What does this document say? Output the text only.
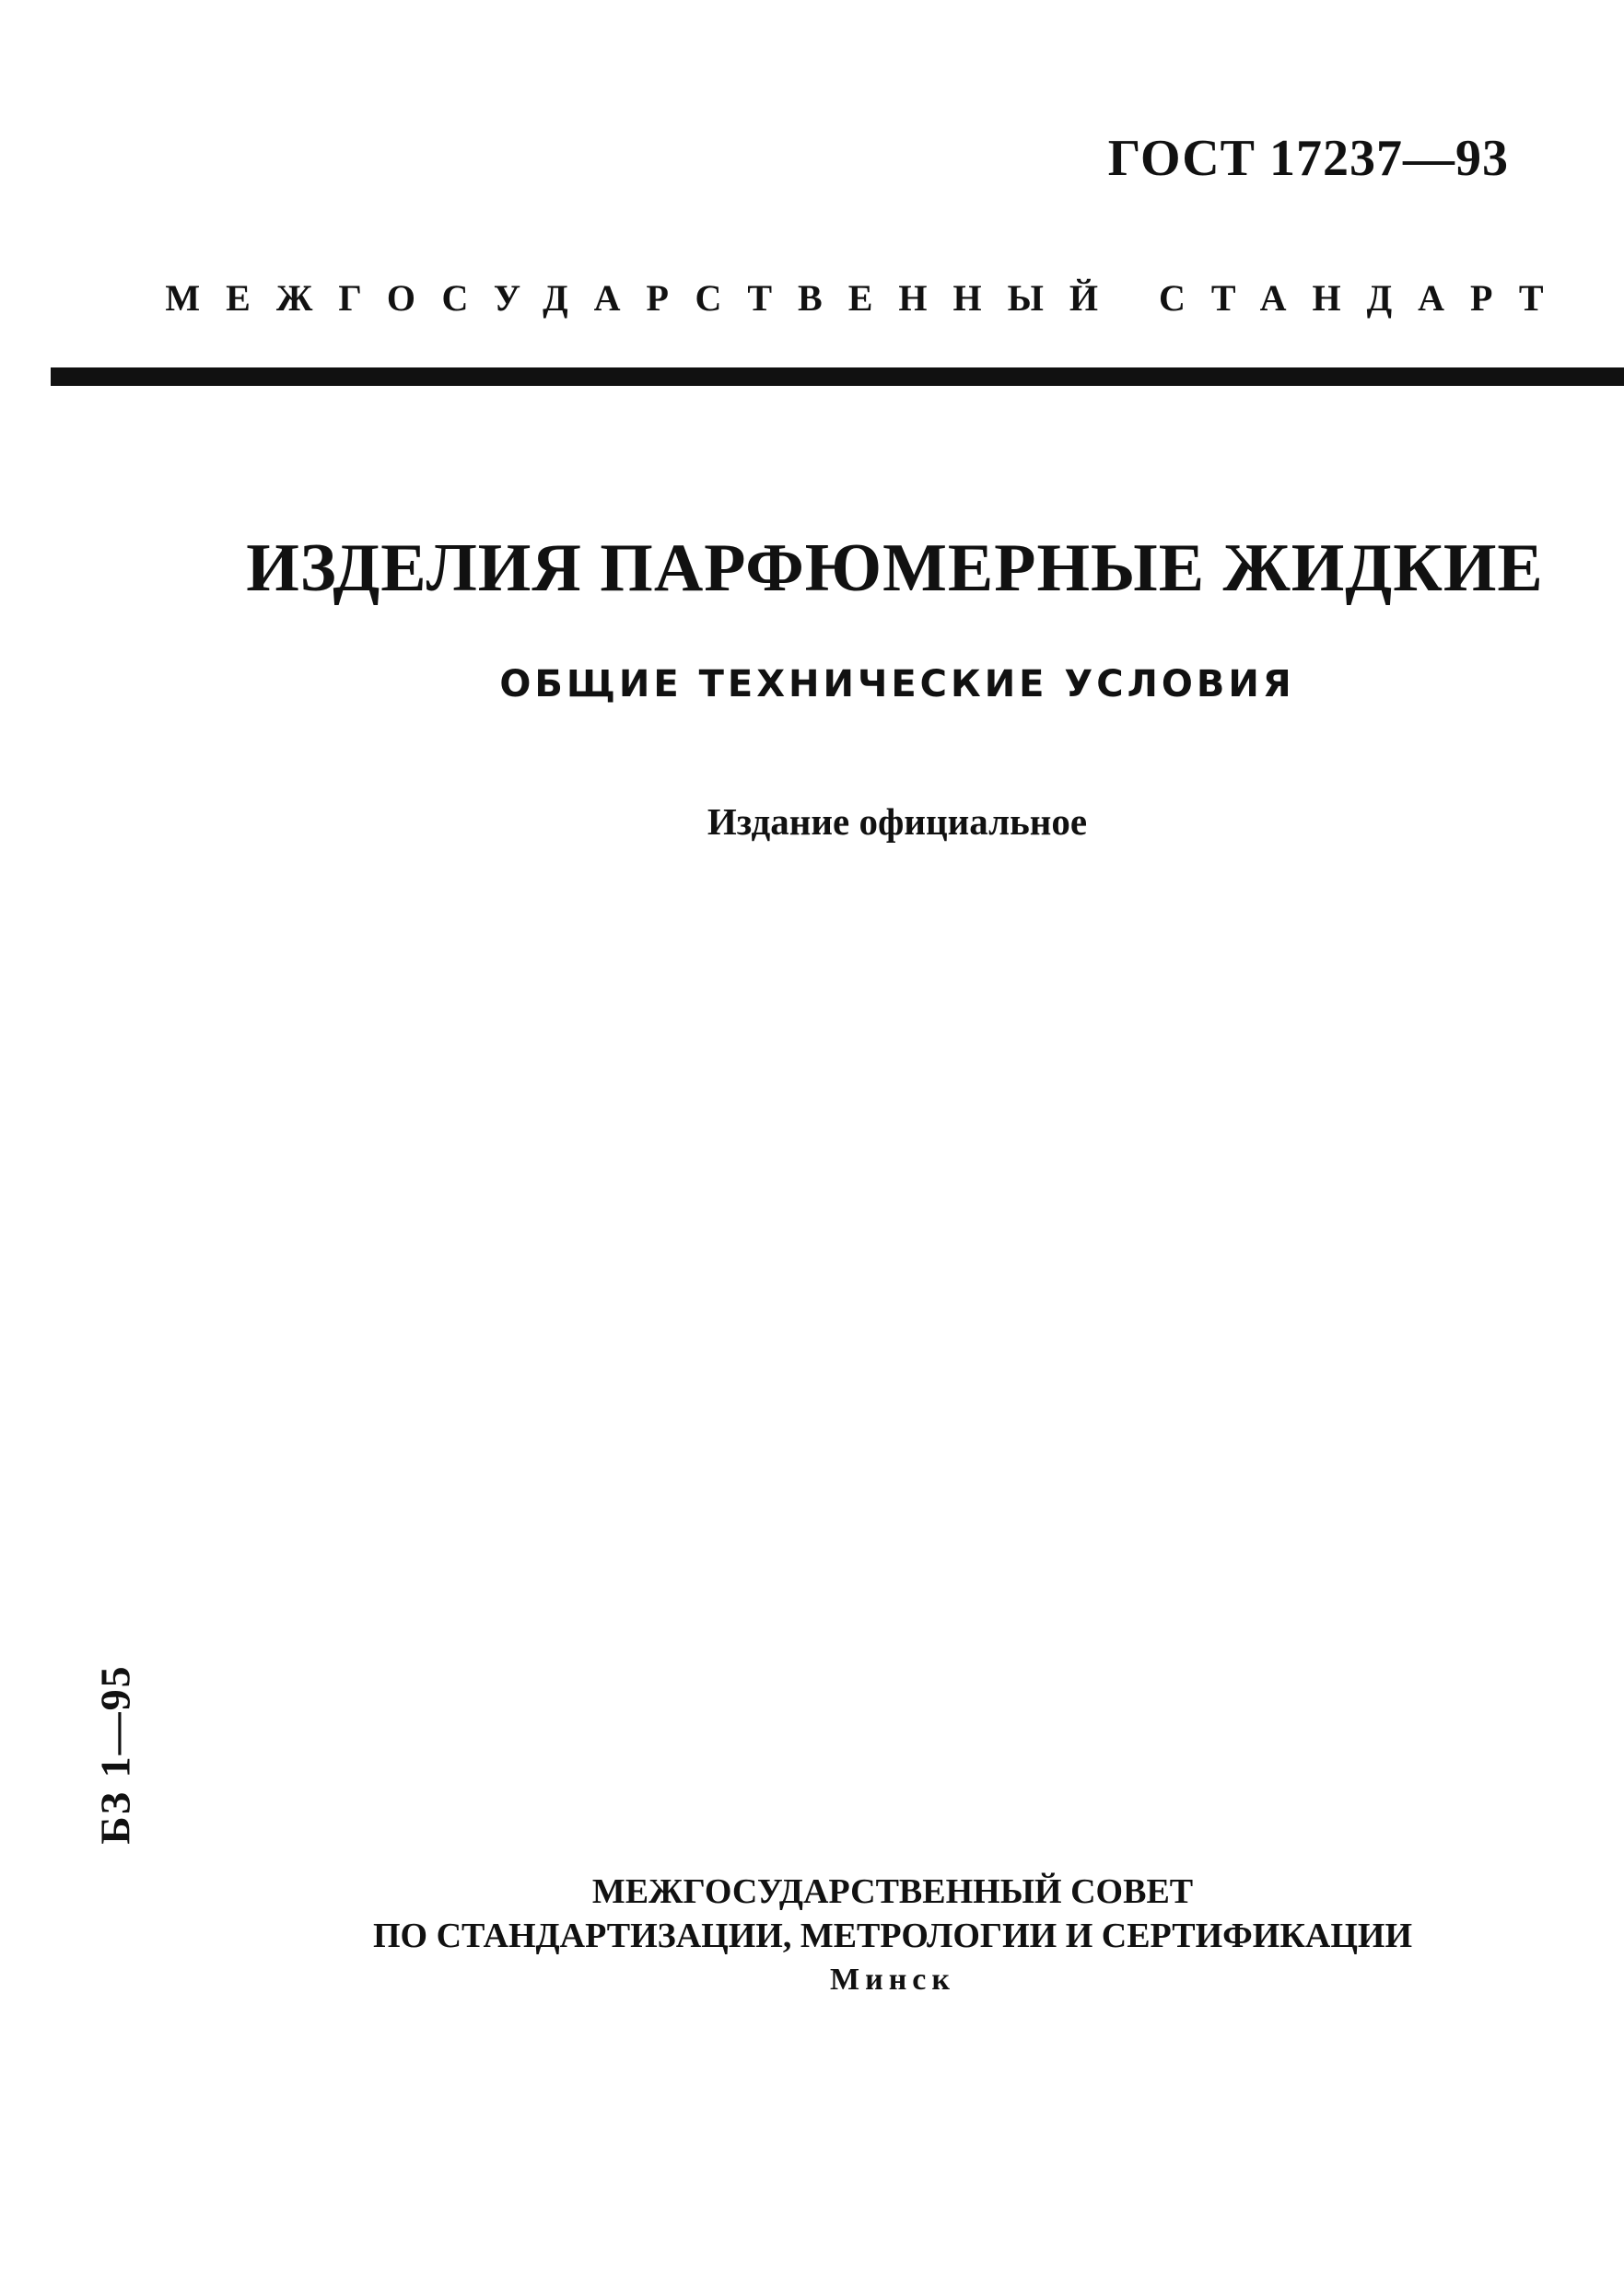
ГОСТ 17237—93
МЕЖГОСУДАРСТВЕННЫЙ СТАНДАРТ
ИЗДЕЛИЯ ПАРФЮМЕРНЫЕ ЖИДКИЕ
ОБЩИЕ ТЕХНИЧЕСКИЕ УСЛОВИЯ
Издание официальное
БЗ 1—95
МЕЖГОСУДАРСТВЕННЫЙ СОВЕТ
ПО СТАНДАРТИЗАЦИИ, МЕТРОЛОГИИ И СЕРТИФИКАЦИИ
Минск
